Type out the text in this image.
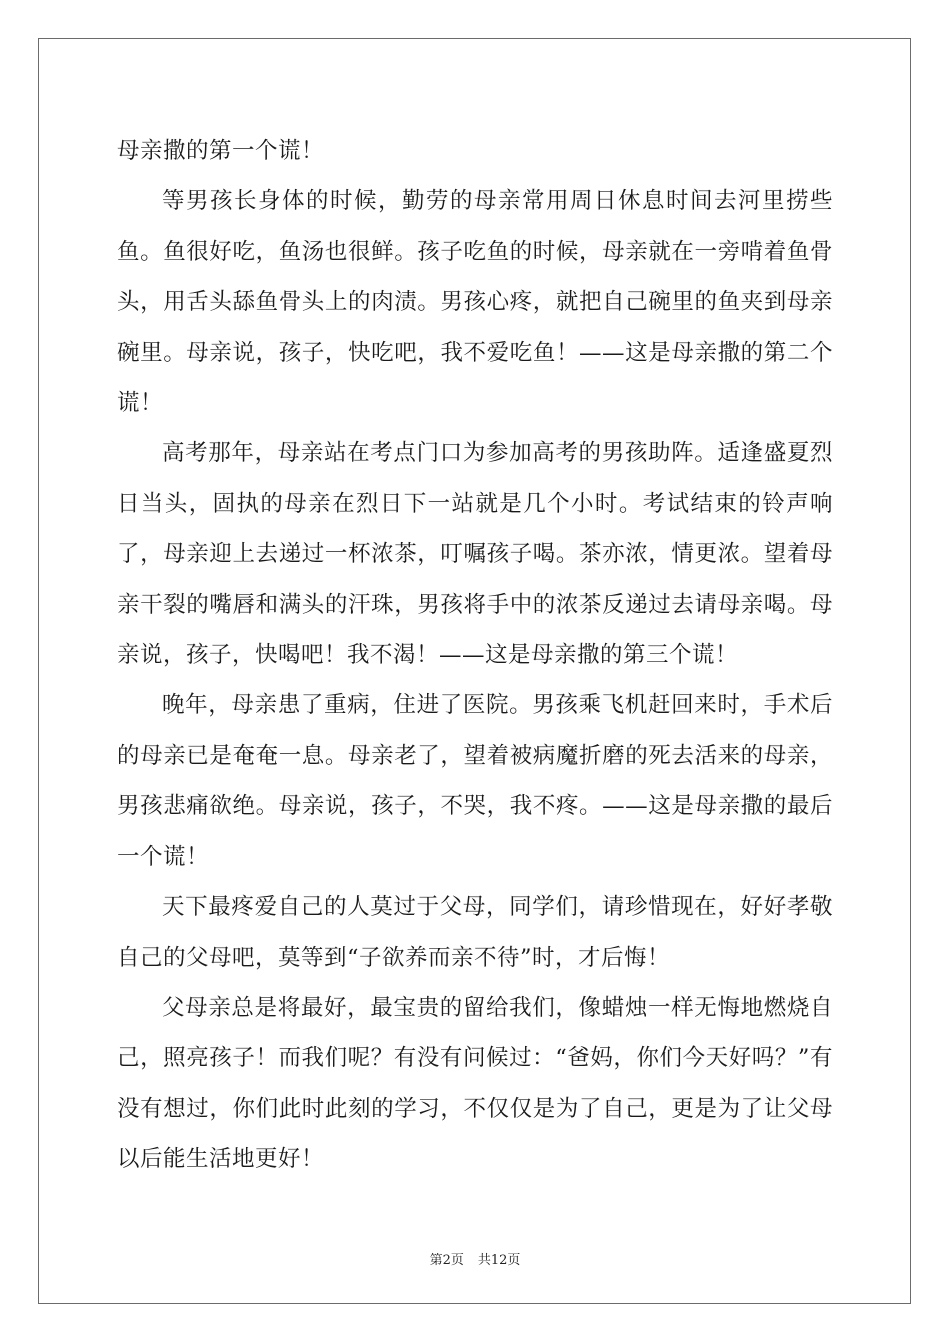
母亲撒的第一个谎！

等男孩长身体的时候，勤劳的母亲常用周日休息时间去河里捞些鱼。鱼很好吃，鱼汤也很鲜。孩子吃鱼的时候，母亲就在一旁啃着鱼骨头，用舌头舔鱼骨头上的肉渍。男孩心疼，就把自己碗里的鱼夹到母亲碗里。母亲说，孩子，快吃吧，我不爱吃鱼！——这是母亲撒的第二个谎！

高考那年，母亲站在考点门口为参加高考的男孩助阵。适逢盛夏烈日当头，固执的母亲在烈日下一站就是几个小时。考试结束的铃声响了，母亲迎上去递过一杯浓茶，叮嘱孩子喝。茶亦浓，情更浓。望着母亲干裂的嘴唇和满头的汗珠，男孩将手中的浓茶反递过去请母亲喝。母亲说，孩子，快喝吧！我不渴！——这是母亲撒的第三个谎！

晚年，母亲患了重病，住进了医院。男孩乘飞机赶回来时，手术后的母亲已是奄奄一息。母亲老了，望着被病魔折磨的死去活来的母亲，男孩悲痛欲绝。母亲说，孩子，不哭，我不疼。——这是母亲撒的最后一个谎！

天下最疼爱自己的人莫过于父母，同学们，请珍惜现在，好好孝敬自己的父母吧，莫等到“子欲养而亲不待”时，才后悔！

父母亲总是将最好，最宝贵的留给我们，像蜡烛一样无悔地燃烧自己，照亮孩子！而我们呢？有没有问候过：“爸妈，你们今天好吗？”有没有想过，你们此时此刻的学习，不仅仅是为了自己，更是为了让父母以后能生活地更好！

第2页 共12页
